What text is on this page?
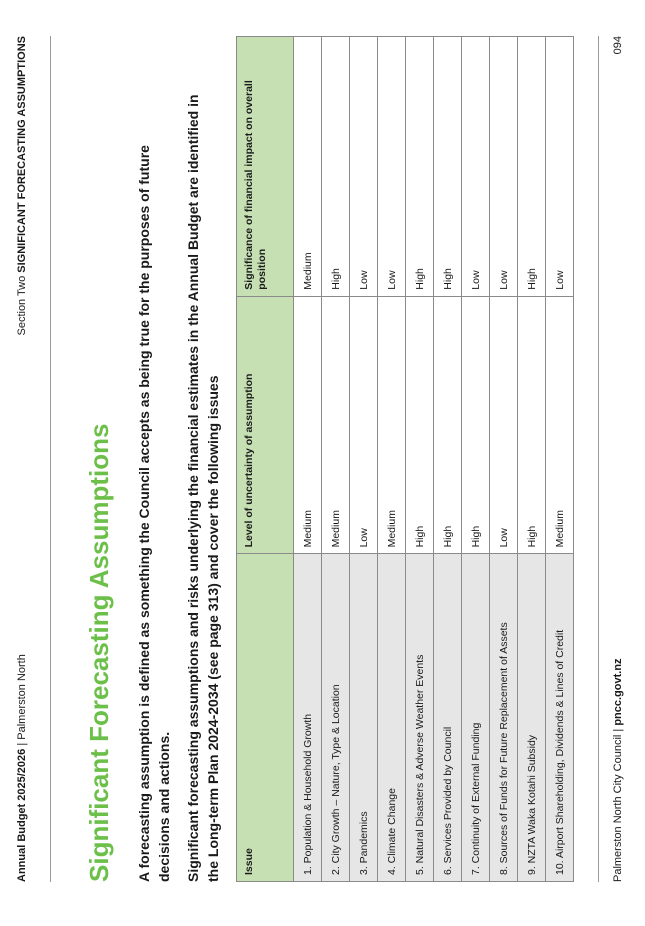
Annual Budget 2025/2026 | Palmerston North
Section Two SIGNIFICANT FORECASTING ASSUMPTIONS
Significant Forecasting Assumptions A forecasting assumption is defined as something the Council accepts as being true for the purposes of future decisions and actions. Significant forecasting assumptions and risks underlying the financial estimates in the Annual Budget are identified in the Long-term Plan 2024-2034 (see page 313) and cover the following issues Issue	Level of uncertainty of assumption	Significance of financial impact on overall position
1. Population & Household Growth	Medium	Medium
2. City Growth – Nature, Type & Location	Medium	High
3. Pandemics	Low	Low
4. Climate Change	Medium	Low
5. Natural Disasters & Adverse Weather Events	High	High
6. Services Provided by Council	High	High
7. Continuity of External Funding	High	Low
8. Sources of Funds for Future Replacement of Assets	Low	Low
9. NZTA Waka Kotahi Subsidy	High	High
10. Airport Shareholding, Dividends & Lines of Credit	Medium	Low
Palmerston North City Council | pncc.govt.nz
094
